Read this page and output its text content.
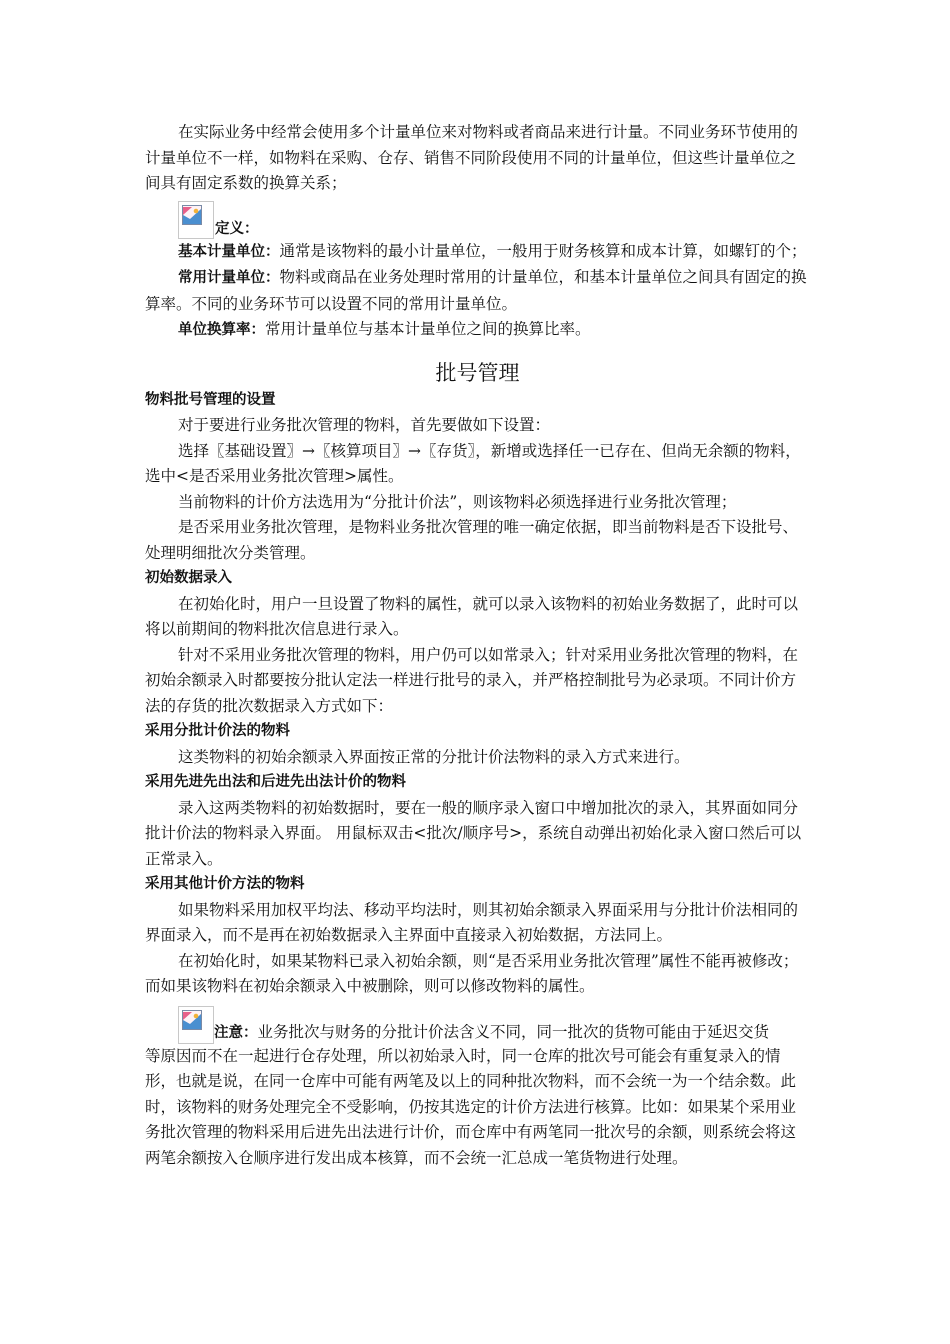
在实际业务中经常会使用多个计量单位来对物料或者商品来进行计量。不同业务环节使用的计量单位不一样，如物料在采购、仓存、销售不同阶段使用不同的计量单位，但这些计量单位之间具有固定系数的换算关系；

定义：

基本计量单位：通常是该物料的最小计量单位，一般用于财务核算和成本计算，如螺钉的个；

常用计量单位：物料或商品在业务处理时常用的计量单位，和基本计量单位之间具有固定的换算率。不同的业务环节可以设置不同的常用计量单位。

单位换算率：常用计量单位与基本计量单位之间的换算比率。

批号管理
物料批号管理的设置

对于要进行业务批次管理的物料，首先要做如下设置：

选择〖基础设置〗→〖核算项目〗→〖存货〗，新增或选择任一已存在、但尚无余额的物料，选中<是否采用业务批次管理>属性。

当前物料的计价方法选用为“分批计价法”，则该物料必须选择进行业务批次管理；

是否采用业务批次管理，是物料业务批次管理的唯一确定依据，即当前物料是否下设批号、处理明细批次分类管理。

初始数据录入

在初始化时，用户一旦设置了物料的属性，就可以录入该物料的初始业务数据了，此时可以将以前期间的物料批次信息进行录入。

针对不采用业务批次管理的物料，用户仍可以如常录入；针对采用业务批次管理的物料，在初始余额录入时都要按分批认定法一样进行批号的录入，并严格控制批号为必录项。不同计价方法的存货的批次数据录入方式如下：

采用分批计价法的物料

这类物料的初始余额录入界面按正常的分批计价法物料的录入方式来进行。

采用先进先出法和后进先出法计价的物料

录入这两类物料的初始数据时，要在一般的顺序录入窗口中增加批次的录入，其界面如同分批计价法的物料录入界面。 用鼠标双击<批次/顺序号>，系统自动弹出初始化录入窗口然后可以正常录入。

采用其他计价方法的物料

如果物料采用加权平均法、移动平均法时，则其初始余额录入界面采用与分批计价法相同的界面录入，而不是再在初始数据录入主界面中直接录入初始数据，方法同上。

在初始化时，如果某物料已录入初始余额，则“是否采用业务批次管理”属性不能再被修改；而如果该物料在初始余额录入中被删除，则可以修改物料的属性。

注意：业务批次与财务的分批计价法含义不同，同一批次的货物可能由于延迟交货

等原因而不在一起进行仓存处理，所以初始录入时，同一仓库的批次号可能会有重复录入的情形，也就是说，在同一仓库中可能有两笔及以上的同种批次物料，而不会统一为一个结余数。此时，该物料的财务处理完全不受影响，仍按其选定的计价方法进行核算。比如：如果某个采用业务批次管理的物料采用后进先出法进行计价，而仓库中有两笔同一批次号的余额，则系统会将这两笔余额按入仓顺序进行发出成本核算，而不会统一汇总成一笔货物进行处理。
